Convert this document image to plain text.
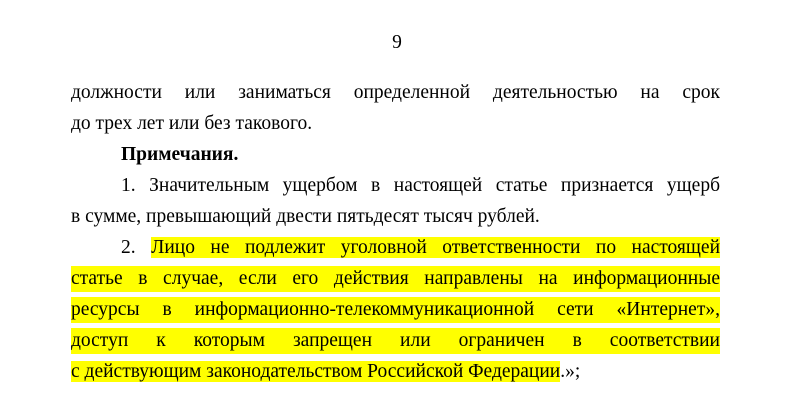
9
должности или заниматься определенной деятельностью на срок
до трех лет или без такового.
Примечания.
1. Значительным ущербом в настоящей статье признается ущерб
в сумме, превышающий двести пятьдесят тысяч рублей.
2. Лицо не подлежит уголовной ответственности по настоящей
статье в случае, если его действия направлены на информационные
ресурсы в информационно-телекоммуникационной сети «Интернет»,
доступ к которым запрещен или ограничен в соответствии
с действующим законодательством Российской Федерации.»;
